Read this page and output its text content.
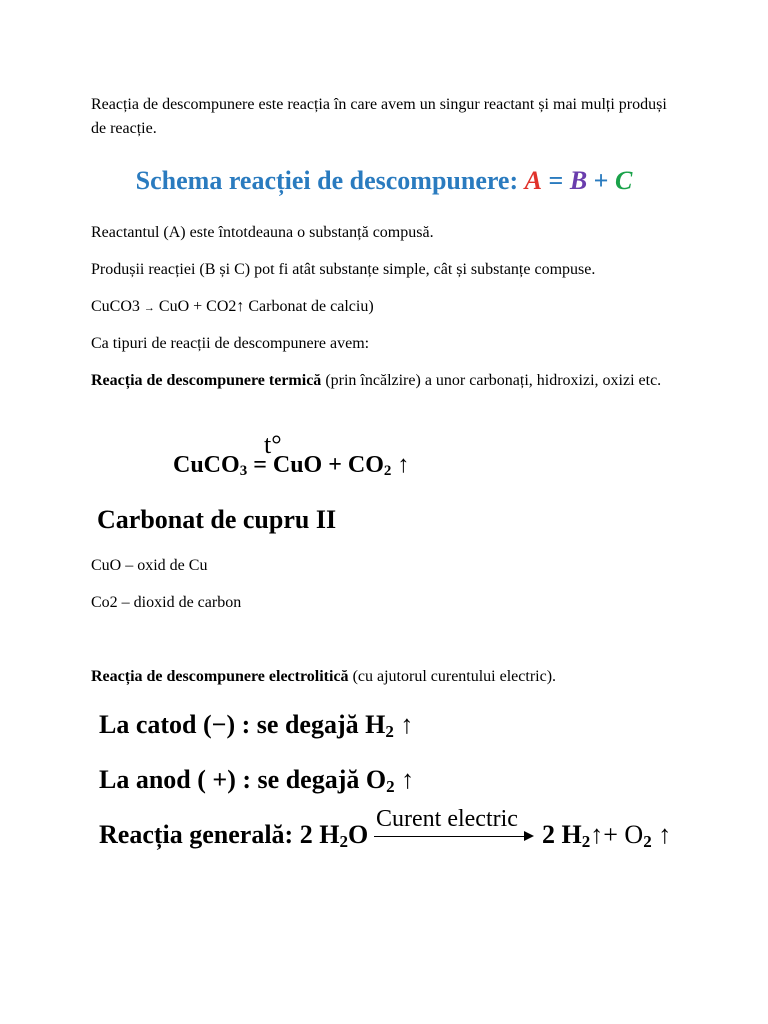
Reacția de descompunere este reacția în care avem un singur reactant și mai mulți produși de reacție.

Schema reacției de descompunere: A = B + C

Reactantul (A) este întotdeauna o substanță compusă.

Produșii reacției (B și C) pot fi atât substanțe simple, cât și substanțe compuse.

CuCO3 → CuO + CO2↑ Carbonat de calciu)

Ca tipuri de reacții de descompunere avem:

Reacția de descompunere termică (prin încălzire) a unor carbonați, hidroxizi, oxizi etc.

t°
CuCO$_3$ = CuO + $CO_2$ ↑
Carbonat de cupru II

CuO – oxid de Cu

Co2 – dioxid de carbon

Reacția de descompunere electrolitică (cu ajutorul curentului electric).

La catod (−) : se degajă $H_2$ ↑
La anod ( +) : se degajă $O_2$ ↑
Reacția generală: 2 $H_2O$
Curent electric
2 $H_2↑+ O_2$ ↑
